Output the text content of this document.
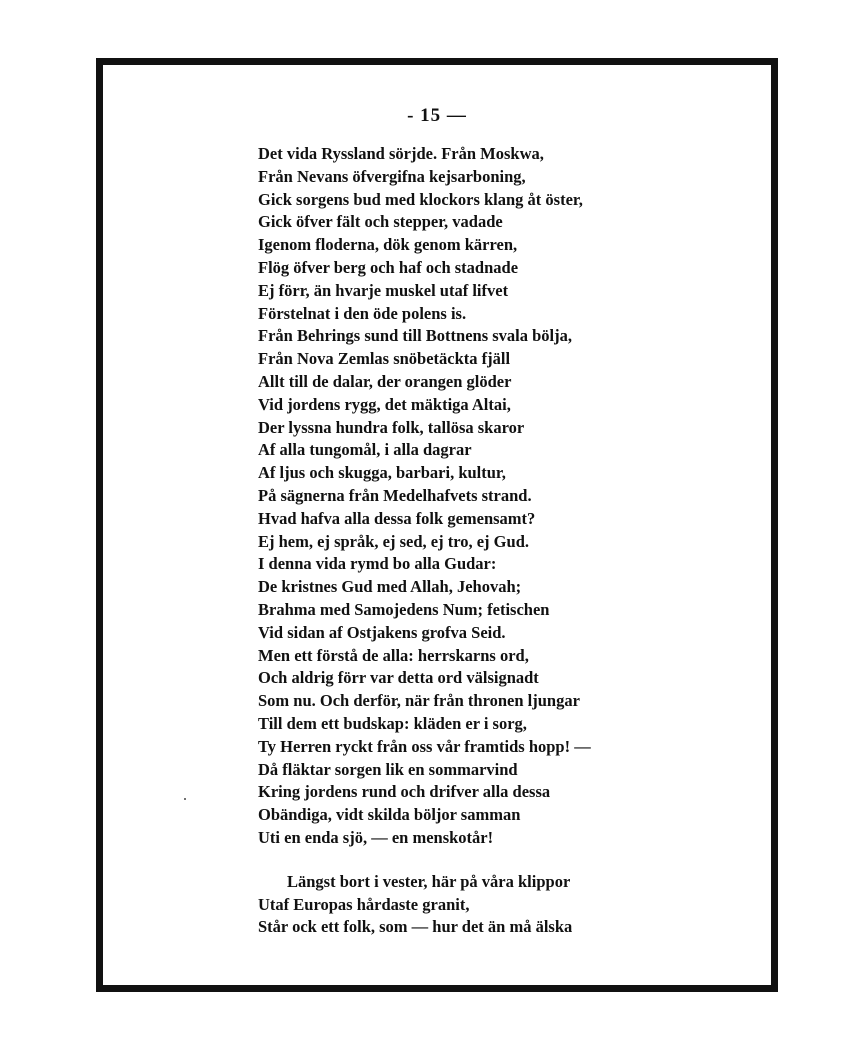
- 15 —
Det vida Ryssland sörjde. Från Moskwa,
Från Nevans öfvergifna kejsarboning,
Gick sorgens bud med klockors klang åt öster,
Gick öfver fält och stepper, vadade
Igenom floderna, dök genom kärren,
Flög öfver berg och haf och stadnade
Ej förr, än hvarje muskel utaf lifvet
Förstelnat i den öde polens is.
Från Behrings sund till Bottnens svala bölja,
Från Nova Zemlas snöbetäckta fjäll
Allt till de dalar, der orangen glöder
Vid jordens rygg, det mäktiga Altai,
Der lyssna hundra folk, tallösa skaror
Af alla tungomål, i alla dagrar
Af ljus och skugga, barbari, kultur,
På sägnerna från Medelhafvets strand.
Hvad hafva alla dessa folk gemensamt?
Ej hem, ej språk, ej sed, ej tro, ej Gud.
I denna vida rymd bo alla Gudar:
De kristnes Gud med Allah, Jehovah;
Brahma med Samojedens Num; fetischen
Vid sidan af Ostjakens grofva Seid.
Men ett förstå de alla: herrskarns ord,
Och aldrig förr var detta ord välsignadt
Som nu. Och derför, när från thronen ljungar
Till dem ett budskap: kläden er i sorg,
Ty Herren ryckt från oss vår framtids hopp! —
Då fläktar sorgen lik en sommarvind
Kring jordens rund och drifver alla dessa
Obändiga, vidt skilda böljor samman
Uti en enda sjö, — en menskotår!
Längst bort i vester, här på våra klippor
Utaf Europas hårdaste granit,
Står ock ett folk, som — hur det än må älska
